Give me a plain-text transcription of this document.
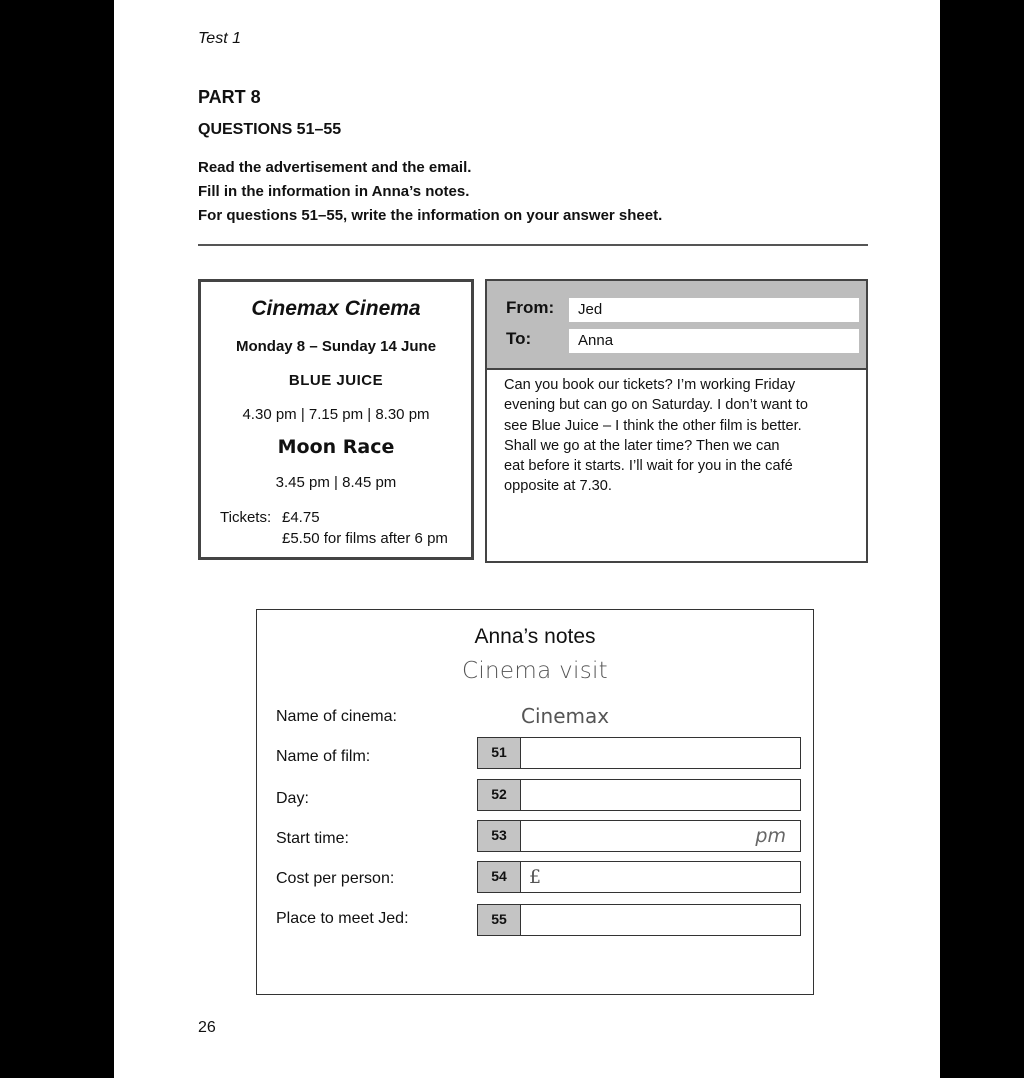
Test 1
PART 8
QUESTIONS 51–55
Read the advertisement and the email.
Fill in the information in Anna’s notes.
For questions 51–55, write the information on your answer sheet.
Cinemax Cinema
Monday 8 – Sunday 14 June
BLUE JUICE
4.30 pm | 7.15 pm | 8.30 pm
Moon Race
3.45 pm | 8.45 pm
Tickets: £4.75
£5.50 for films after 6 pm
From:	Jed
To:	Anna
Can you book our tickets? I’m working Friday
evening but can go on Saturday. I don’t want to
see Blue Juice – I think the other film is better.
Shall we go at the later time? Then we can
eat before it starts. I’ll wait for you in the café
opposite at 7.30.
Anna’s notes
Cinema visit
Name of cinema:	Cinemax
Name of film:	51
Day:	52
Start time:	53	pm
Cost per person:	54	£
Place to meet Jed:	55
26
